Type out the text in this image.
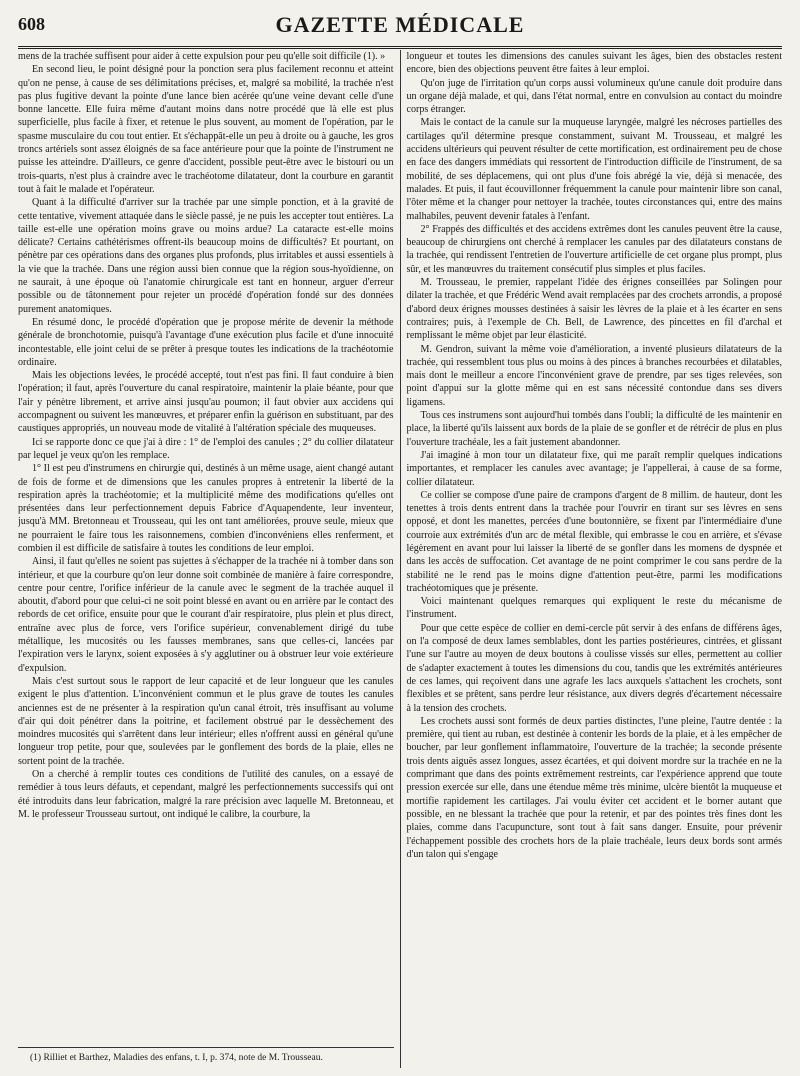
608	GAZETTE MÉDICALE

mens de la trachée suffisent pour aider à cette expulsion pour peu qu'elle soit difficile (1). »

En second lieu, le point désigné pour la ponction sera plus facilement reconnu et atteint qu'on ne pense, à cause de ses délimitations précises, et, malgré sa mobilité, la trachée n'est pas plus fugitive devant la pointe d'une lance bien acérée qu'une veine devant celle d'une bonne lancette. Elle fuira même d'autant moins dans notre procédé que là elle est plus superficielle, plus facile à fixer, et retenue le plus souvent, au moment de l'opération, par le spasme musculaire du cou tout entier. Et s'échappât-elle un peu à droite ou à gauche, les gros troncs artériels sont assez éloignés de sa face antérieure pour que la pointe de l'instrument ne puisse les atteindre. D'ailleurs, ce genre d'accident, possible peut-être avec le bistouri ou un trois-quarts, n'est plus à craindre avec le trachéotome dilatateur, dont la courbure en garantit tout à fait le malade et l'opérateur.

Quant à la difficulté d'arriver sur la trachée par une simple ponction, et à la gravité de cette tentative, vivement attaquée dans le siècle passé, je ne puis les accepter tout entières. La taille est-elle une opération moins grave ou moins ardue? La cataracte est-elle moins délicate? Certains cathétérismes offrent-ils beaucoup moins de difficultés? Et pourtant, on pénètre par ces opérations dans des organes plus profonds, plus irritables et aussi essentiels à la vie que la trachée. Dans une région aussi bien connue que la région sous-hyoïdienne, on ne saurait, à une époque où l'anatomie chirurgicale est tant en honneur, arguer d'erreur possible ou de tâtonnement pour rejeter un procédé d'opération fondé sur des données purement anatomiques.

En résumé donc, le procédé d'opération que je propose mérite de devenir la méthode générale de bronchotomie, puisqu'à l'avantage d'une exécution plus facile et d'une innocuité incontestable, elle joint celui de se prêter à presque toutes les indications de la trachéotomie ordinaire.

Mais les objections levées, le procédé accepté, tout n'est pas fini. Il faut conduire à bien l'opération; il faut, après l'ouverture du canal respiratoire, maintenir la plaie béante, pour que l'air y pénètre librement, et arrive ainsi jusqu'au poumon; il faut obvier aux accidens qui accompagnent ou suivent les manœuvres, et préparer enfin la guérison en substituant, par des caustiques appropriés, un nouveau mode de vitalité à l'altération spéciale des muqueuses.

Ici se rapporte donc ce que j'ai à dire : 1° de l'emploi des canules ; 2° du collier dilatateur par lequel je veux qu'on les remplace.

1° Il est peu d'instrumens en chirurgie qui, destinés à un même usage, aient changé autant de fois de forme et de dimensions que les canules propres à entretenir la liberté de la respiration après la trachéotomie; et la multiplicité même des modifications qu'elles ont présentées dans leur perfectionnement depuis Fabrice d'Aquapendente, leur inventeur, jusqu'à MM. Bretonneau et Trousseau, qui les ont tant améliorées, prouve seule, mieux que ne pourraient le faire tous les raisonnemens, combien d'inconvéniens elles renferment, et combien il est difficile de satisfaire à toutes les conditions de leur emploi.

Ainsi, il faut qu'elles ne soient pas sujettes à s'échapper de la trachée ni à tomber dans son intérieur, et que la courbure qu'on leur donne soit combinée de manière à faire correspondre, centre pour centre, l'orifice inférieur de la canule avec le segment de la trachée auquel il aboutit, d'abord pour que celui-ci ne soit point blessé en avant ou en arrière par le contact des rebords de cet orifice, ensuite pour que le courant d'air respiratoire, plus plein et plus direct, entraîne avec plus de force, vers l'orifice supérieur, convenablement dirigé du tube métallique, les mucosités ou les fausses membranes, sans que celles-ci, lancées par l'expiration vers le larynx, soient exposées à s'y agglutiner ou à obstruer leur voie extérieure d'expulsion.

Mais c'est surtout sous le rapport de leur capacité et de leur longueur que les canules exigent le plus d'attention. L'inconvénient commun et le plus grave de toutes les canules anciennes est de ne présenter à la respiration qu'un canal étroit, très insuffisant au volume d'air qui doit pénétrer dans la poitrine, et facilement obstrué par le dessèchement des moindres mucosités qui s'arrêtent dans leur intérieur; elles n'offrent aussi en général qu'une longueur trop petite, pour que, soulevées par le gonflement des bords de la plaie, elles ne sortent point de la trachée.

On a cherché à remplir toutes ces conditions de l'utilité des canules, on a essayé de remédier à tous leurs défauts, et cependant, malgré les perfectionnements successifs qui ont été introduits dans leur fabrication, malgré la rare précision avec laquelle M. Bretonneau, et M. le professeur Trousseau surtout, ont indiqué le calibre, la courbure, la

(1) Rilliet et Barthez, Maladies des enfans, t. I, p. 374, note de M. Trousseau.

longueur et toutes les dimensions des canules suivant les âges, bien des obstacles restent encore, bien des objections peuvent être faites à leur emploi.

Qu'on juge de l'irritation qu'un corps aussi volumineux qu'une canule doit produire dans un organe déjà malade, et qui, dans l'état normal, entre en convulsion au contact du moindre corps étranger.

Mais le contact de la canule sur la muqueuse laryngée, malgré les nécroses partielles des cartilages qu'il détermine presque constamment, suivant M. Trousseau, et malgré les accidens ultérieurs qui peuvent résulter de cette mortification, est ordinairement peu de chose en face des dangers immédiats qui ressortent de l'introduction difficile de l'instrument, de sa mobilité, de ses déplacemens, qui ont plus d'une fois abrégé la vie, déjà si menacée, des malades. Et puis, il faut écouvillonner fréquemment la canule pour maintenir libre son canal, l'ôter même et la changer pour nettoyer la trachée, toutes circonstances qui, entre des mains malhabiles, peuvent devenir fatales à l'enfant.

2° Frappés des difficultés et des accidens extrêmes dont les canules peuvent être la cause, beaucoup de chirurgiens ont cherché à remplacer les canules par des dilatateurs constans de la trachée, qui rendissent l'entretien de l'ouverture artificielle de cet organe plus prompt, plus sûr, et les manœuvres du traitement consécutif plus simples et plus faciles.

M. Trousseau, le premier, rappelant l'idée des érignes conseillées par Solingen pour dilater la trachée, et que Frédéric Wend avait remplacées par des crochets arrondis, a proposé d'abord deux érignes mousses destinées à saisir les lèvres de la plaie et à les écarter en sens contraires; puis, à l'exemple de Ch. Bell, de Lawrence, des pincettes en fil d'archal et remplissant le même objet par leur élasticité.

M. Gendron, suivant la même voie d'amélioration, a inventé plusieurs dilatateurs de la trachée, qui ressemblent tous plus ou moins à des pinces à branches recourbées et dilatables, mais dont le meilleur a encore l'inconvénient grave de prendre, par ses tiges relevées, son point d'appui sur la glotte même qui en est sans nécessité contondue dans ses divers ligamens.

Tous ces instrumens sont aujourd'hui tombés dans l'oubli; la difficulté de les maintenir en place, la liberté qu'ils laissent aux bords de la plaie de se gonfler et de rétrécir de plus en plus l'ouverture trachéale, les a fait justement abandonner.

J'ai imaginé à mon tour un dilatateur fixe, qui me paraît remplir quelques indications importantes, et remplacer les canules avec avantage; je l'appellerai, à cause de sa forme, collier dilatateur.

Ce collier se compose d'une paire de crampons d'argent de 8 millim. de hauteur, dont les tenettes à trois dents entrent dans la trachée pour l'ouvrir en tirant sur ses lèvres en sens opposé, et dont les manettes, percées d'une boutonnière, se fixent par l'intermédiaire d'une courroie aux extrémités d'un arc de métal flexible, qui embrasse le cou en arrière, et s'évase légèrement en avant pour lui laisser la liberté de se gonfler dans les momens de dyspnée et dans les accès de suffocation. Cet avantage de ne point comprimer le cou sans perdre de la stabilité ne le rend pas le moins digne d'attention peut-être, parmi les modifications trachéotomiques que je présente.

Voici maintenant quelques remarques qui expliquent le reste du mécanisme de l'instrument.

Pour que cette espèce de collier en demi-cercle pût servir à des enfans de différens âges, on l'a composé de deux lames semblables, dont les parties postérieures, cintrées, et glissant l'une sur l'autre au moyen de deux boutons à coulisse vissés sur elles, permettent au collier de s'adapter exactement à toutes les dimensions du cou, tandis que les extrémités antérieures de ces lames, qui reçoivent dans une agrafe les lacs auxquels s'attachent les crochets, sont flexibles et se prêtent, sans perdre leur résistance, aux divers degrés d'écartement nécessaire à la tension des crochets.

Les crochets aussi sont formés de deux parties distinctes, l'une pleine, l'autre dentée : la première, qui tient au ruban, est destinée à contenir les bords de la plaie, et à les empêcher de boucher, par leur gonflement inflammatoire, l'ouverture de la trachée; la seconde présente trois dents aiguës assez longues, assez écartées, et qui doivent mordre sur la trachée en ne la comprimant que dans des points extrêmement restreints, car l'expérience apprend que toute pression exercée sur elle, dans une étendue même très minime, ulcère bientôt la muqueuse et mortifie rapidement les cartilages. J'ai voulu éviter cet accident et le borner autant que possible, en ne blessant la trachée que pour la retenir, et par des pointes très fines dont les plaies, comme dans l'acupuncture, sont tout à fait sans danger. Ensuite, pour prévenir l'échappement possible des crochets hors de la plaie trachéale, leurs deux bords sont armés d'un talon qui s'engage
